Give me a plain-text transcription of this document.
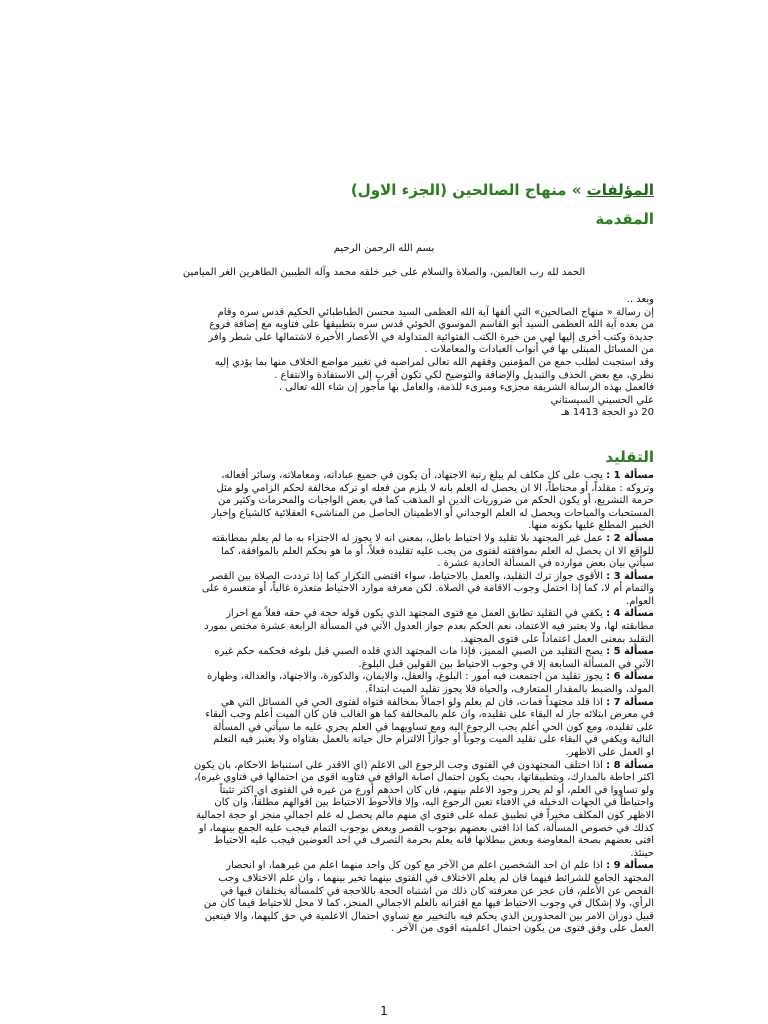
المؤلفات » منهاج الصالحين (الجزء الاول)
المقدمة

بسم الله الرحمن الرحيم

الحمد لله رب العالمين، والصلاة والسلام على خير خلقه محمد وآله الطيبين الطاهرين الغر الميامين

وبعد ..

إن رسالة « منهاج الصالحين» التي ألفها آية الله العظمى السيد محسن الطباطبائي الحكيم قدس سره وقام

من بعده آية الله العظمى السيد أبو القاسم الموسوي الخوئي قدس سره بتطبيقها على فتاويه مع إضافة فروع

جديدة وكتب أخرى إليها لهي من خيرة الكتب الفتوائية المتداولة في الأعصار الأخيرة لاشتمالها على شطر وافر

من المسائل المبتلى بها في أبواب العبادات والمعاملات .

وقد استجبت لطلب جمع من المؤمنين وفقهم الله تعالى لمراضيه في تغيير مواضع الخلاف منها بما يؤدي إليه

نظري، مع بعض الحذف والتبديل والإضافة والتوضيح لكي تكون أقرب إلى الاستفادة والانتفاع .

فالعمل بهذه الرسالة الشريفة مجزىء ومبرىء للذمة، والعامل بها مأجور إن شاء الله تعالى .

علي الحسيني السيستاني

20 ذو الحجة 1413 هـ

التقليد

مسألة 1 : يجب على كل مكلف لم يبلغ رتبة الاجتهاد، أن يكون في جميع عباداته، ومعاملاته، وسائر أفعاله،

وتروكه : مقلداً، أو محتاطاً، الا ان يحصل له العلم بانه لا يلزم من فعله او تركه مخالفة لحكم الزامي ولو مثل

حرمة التشريع، أو يكون الحكم من ضروريات الدين او المذهب كما في بعض الواجبات والمحرمات وكثير من

المستحبات والمباحات ويحصل له العلم الوجداني أو الاطمينان الحاصل من المناشىء العقلائية كالشياع وإخبار

الخبير المطلع عليها بكونه منها.

مسألة 2 : عمل غير المجتهد بلا تقليد ولا احتياط باطل، بمعنى انه لا يجوز له الاجتزاء به ما لم يعلم بمطابقته

للواقع الا ان يحصل له العلم بموافقته لفتوى من يجب عليه تقليده فعلاً، أو ما هو بحكم العلم بالموافقة، كما

سيأتي بيان بعض موارده في المسألة الحادية عشرة .

مسألة 3 : الأقوى جواز ترك التقليد، والعمل بالاحتياط، سواء اقتضى التكرار كما إذا ترددت الصلاة بين القصر

والتمام أم لا، كما إذا احتمل وجوب الاقامة في الصلاة. لكن معرفة موارد الاحتياط متعذرة غالباً، أو متعسرة على

العوام.

مسألة 4 : يكفي في التقليد تطابق العمل مع فتوى المجتهد الذي يكون قوله حجة في حقه فعلاً مع احراز

مطابقته لها، ولا يعتبر فيه الاعتماد، نعم الحكم بعدم جواز العدول الآتي في المسألة الرابعة عشرة مختص بمورد

التقليد بمعنى العمل اعتماداً على فتوى المجتهد.

مسألة 5 : يصح التقليد من الصبي المميز، فإذا مات المجتهد الذي قلده الصبي قبل بلوغه فحكمه حكم غيره

الآتي في المسألة السابعة إلا في وجوب الاحتياط بين القولين قبل البلوغ.

مسألة 6 : يجوز تقليد من اجتمعت فيه أمور : البلوغ، والعقل، والايمان، والذكورة، والاجتهاد، والعدالة، وطهارة

المولد، والضبط بالمقدار المتعارف، والحياة فلا يجوز تقليد الميت ابتداءً.

مسألة 7 : اذا قلد مجتهداً فمات، فان لم يعلم ولو اجمالاً بمخالفة فتواه لفتوى الحي في المسائل التي هي

في معرض ابتلائه جاز له البقاء على تقليده، وان علم بالمخالفة كما هو الغالب فان كان الميت أعلم وجب البقاء

على تقليده، ومع كون الحي أعلم يجب الرجوع اليه ومع تساويهما في العلم يجري عليه ما سيأتي في المسألة

التالية ويكفي في البقاء على تقليد الميت وجوباً أو جوازاً الالتزام حال حياته بالعمل بفتاواه ولا يعتبر فيه التعلم

او العمل على الاظهر.

مسألة 8 : اذا اختلف المجتهدون في الفتوى وجب الرجوع الى الاعلم (اي الاقدر على استنباط الاحكام، بان يكون

اكثر احاطة بالمدارك، وبتطبيقاتها، بحيث يكون احتمال اصابة الواقع في فتاويه اقوى من احتمالها في فتاوي غيره)،

ولو تساووا في العلم، أو لم يحرز وجود الاعلم بينهم، فان كان احدهم أورع من غيره في الفتوى اي اكثر تثبتاً

واحتياطاً في الجهات الدخيلة في الافتاء تعين الرجوع اليه، وإلا فالأحوط الاحتياط بين اقوالهم مطلقاً، وان كان

الاظهر كون المكلف مخيراً في تطبيق عمله على فتوى اي منهم مالم يحصل له علم اجمالي منجز او حجة اجمالية

كذلك في خصوص المسألة، كما اذا افتى بعضهم بوجوب القصر وبعض بوجوب التمام فيجب عليه الجمع بينهما، او

افتى بعضهم بصحة المعاوضة وبعض ببطلانها فانه يعلم بحرمة التصرف في احد العوضين فيجب عليه الاحتياط

حينئذ.

مسألة 9 : اذا علم ان احد الشخصين اعلم من الآخر مع كون كل واحد منهما اعلم من غيرهما، او انحصار

المجتهد الجامع للشرائط فيهما فان لم يعلم الاختلاف في الفتوى بينهما تخير بينهما ، وان علم الاختلاف وجب

الفحص عن الأعلم، فان عجز عن معرفته كان ذلك من اشتباه الحجة باللاحجة في كلمسألة يختلفان فيها في

الرأي، ولا إشكال في وجوب الاحتياط فيها مع اقترانه بالعلم الاجمالي المنجز، كما لا محل للاحتياط فيما كان من

قبيل دوران الامر بين المحذورين الذي يحكم فيه بالتخيير مع تساوي احتمال الاعلمية في حق كليهما، والا فيتعين

العمل على وفق فتوى من يكون احتمال اعلميته اقوى من الآخر .

1
